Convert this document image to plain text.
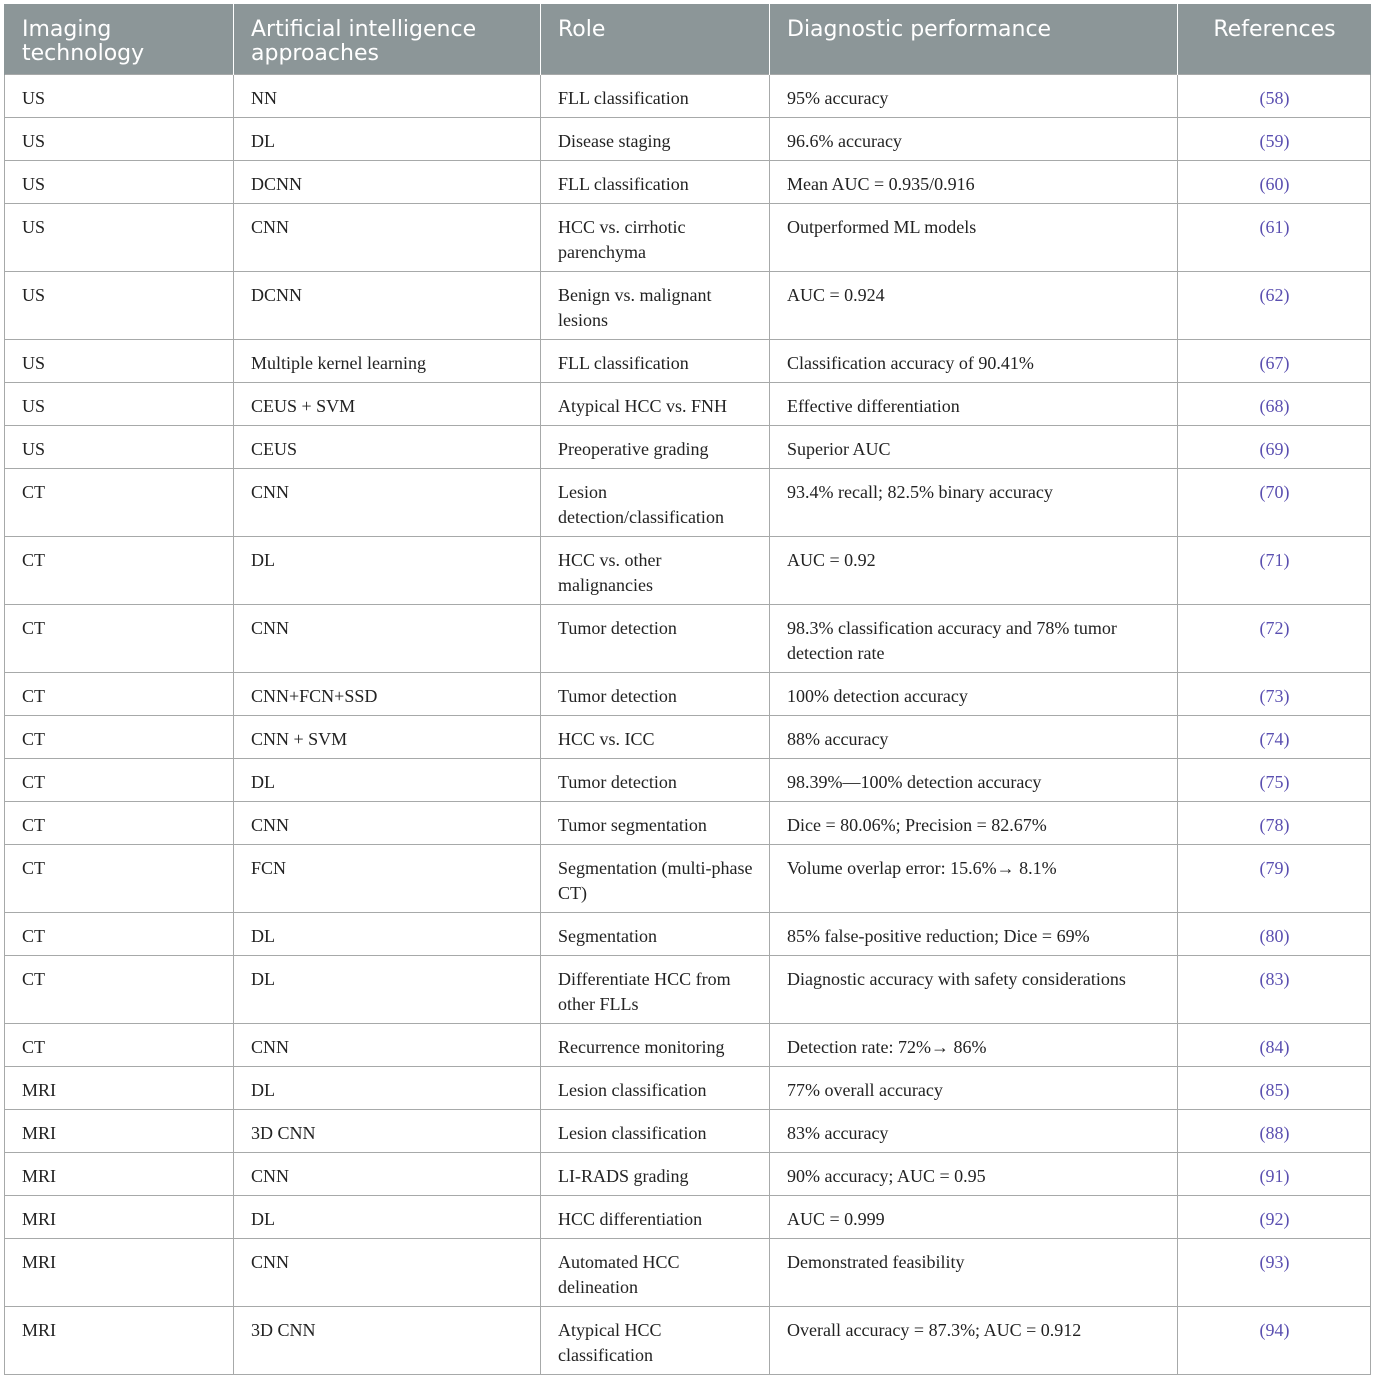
Imaging technology	Artificial intelligence approaches	Role	Diagnostic performance	References
US	NN	FLL classification	95% accuracy	(58)
US	DL	Disease staging	96.6% accuracy	(59)
US	DCNN	FLL classification	Mean AUC = 0.935/0.916	(60)
US	CNN	HCC vs. cirrhotic parenchyma	Outperformed ML models	(61)
US	DCNN	Benign vs. malignant lesions	AUC = 0.924	(62)
US	Multiple kernel learning	FLL classification	Classification accuracy of 90.41%	(67)
US	CEUS + SVM	Atypical HCC vs. FNH	Effective differentiation	(68)
US	CEUS	Preoperative grading	Superior AUC	(69)
CT	CNN	Lesion detection/classification	93.4% recall; 82.5% binary accuracy	(70)
CT	DL	HCC vs. other malignancies	AUC = 0.92	(71)
CT	CNN	Tumor detection	98.3% classification accuracy and 78% tumor detection rate	(72)
CT	CNN+FCN+SSD	Tumor detection	100% detection accuracy	(73)
CT	CNN + SVM	HCC vs. ICC	88% accuracy	(74)
CT	DL	Tumor detection	98.39%—100% detection accuracy	(75)
CT	CNN	Tumor segmentation	Dice = 80.06%; Precision = 82.67%	(78)
CT	FCN	Segmentation (multi-phase CT)	Volume overlap error: 15.6%→ 8.1%	(79)
CT	DL	Segmentation	85% false-positive reduction; Dice = 69%	(80)
CT	DL	Differentiate HCC from other FLLs	Diagnostic accuracy with safety considerations	(83)
CT	CNN	Recurrence monitoring	Detection rate: 72%→ 86%	(84)
MRI	DL	Lesion classification	77% overall accuracy	(85)
MRI	3D CNN	Lesion classification	83% accuracy	(88)
MRI	CNN	LI-RADS grading	90% accuracy; AUC = 0.95	(91)
MRI	DL	HCC differentiation	AUC = 0.999	(92)
MRI	CNN	Automated HCC delineation	Demonstrated feasibility	(93)
MRI	3D CNN	Atypical HCC classification	Overall accuracy = 87.3%; AUC = 0.912	(94)
